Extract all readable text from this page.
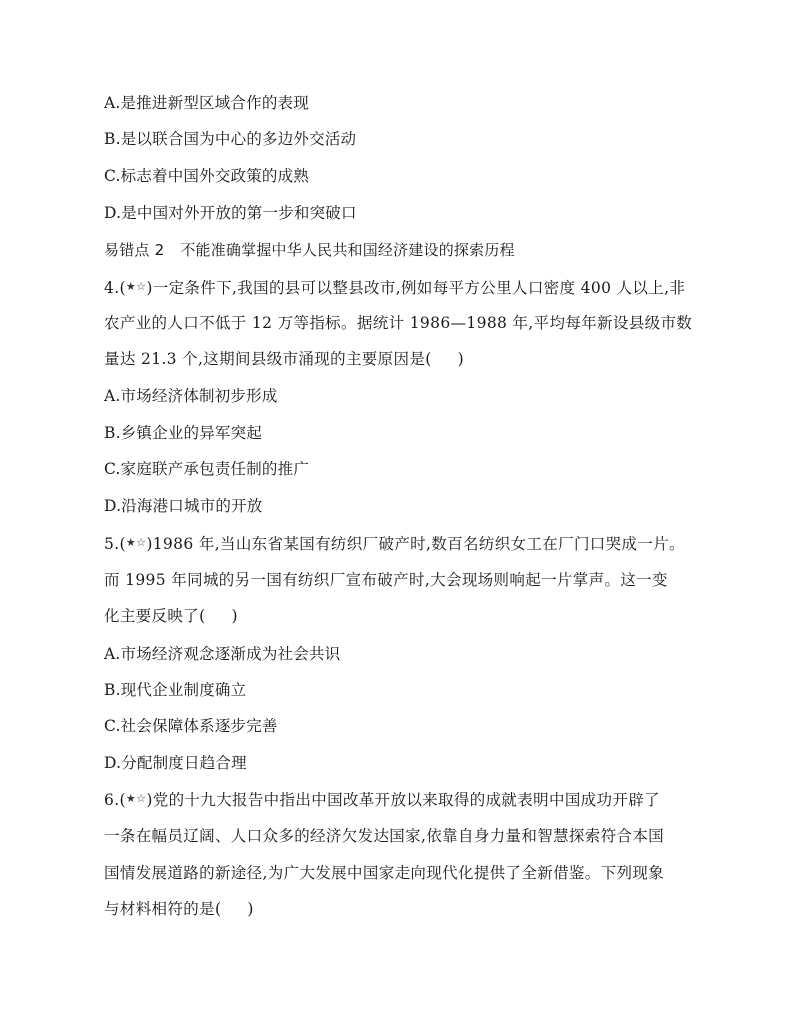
A.是推进新型区域合作的表现
B.是以联合国为中心的多边外交活动
C.标志着中国外交政策的成熟
D.是中国对外开放的第一步和突破口
易错点 2 不能准确掌握中华人民共和国经济建设的探索历程
4.(★☆)一定条件下,我国的县可以整县改市,例如每平方公里人口密度 400 人以上,非
农产业的人口不低于 12 万等指标。据统计 1986—1988 年,平均每年新设县级市数
量达 21.3 个,这期间县级市涌现的主要原因是( )
A.市场经济体制初步形成
B.乡镇企业的异军突起
C.家庭联产承包责任制的推广
D.沿海港口城市的开放
5.(★☆)1986 年,当山东省某国有纺织厂破产时,数百名纺织女工在厂门口哭成一片。
而 1995 年同城的另一国有纺织厂宣布破产时,大会现场则响起一片掌声。这一变
化主要反映了( )
A.市场经济观念逐渐成为社会共识
B.现代企业制度确立
C.社会保障体系逐步完善
D.分配制度日趋合理
6.(★☆)党的十九大报告中指出中国改革开放以来取得的成就表明中国成功开辟了
一条在幅员辽阔、人口众多的经济欠发达国家,依靠自身力量和智慧探索符合本国
国情发展道路的新途径,为广大发展中国家走向现代化提供了全新借鉴。下列现象
与材料相符的是( )
